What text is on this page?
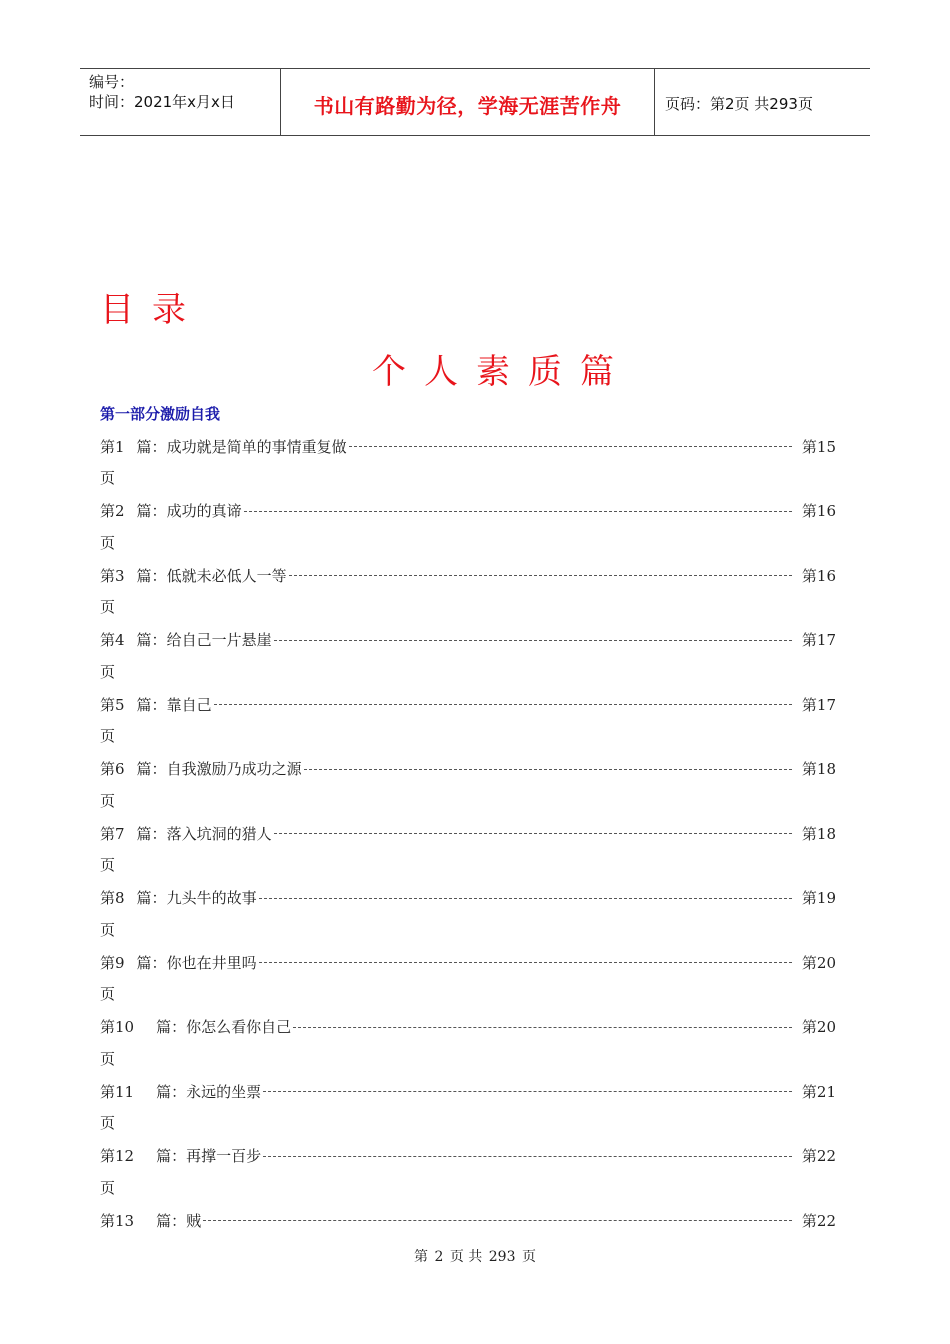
编号：
时间：2021年x月x日	书山有路勤为径，学海无涯苦作舟	页码：第2页 共293页
目录
个人素质篇
第一部分激励自我
第1 篇： 成功就是简单的事情重复做	第15
页
第2 篇： 成功的真谛	第16
页
第3 篇： 低就未必低人一等	第16
页
第4 篇： 给自己一片悬崖	第17
页
第5 篇： 靠自己	第17
页
第6 篇： 自我激励乃成功之源	第18
页
第7 篇： 落入坑洞的猎人	第18
页
第8 篇： 九头牛的故事	第19
页
第9 篇： 你也在井里吗	第20
页
第10 篇： 你怎么看你自己	第20
页
第11 篇： 永远的坐票	第21
页
第12 篇： 再撑一百步	第22
页
第13 篇： 贼	第22
第 2 页 共 293 页
